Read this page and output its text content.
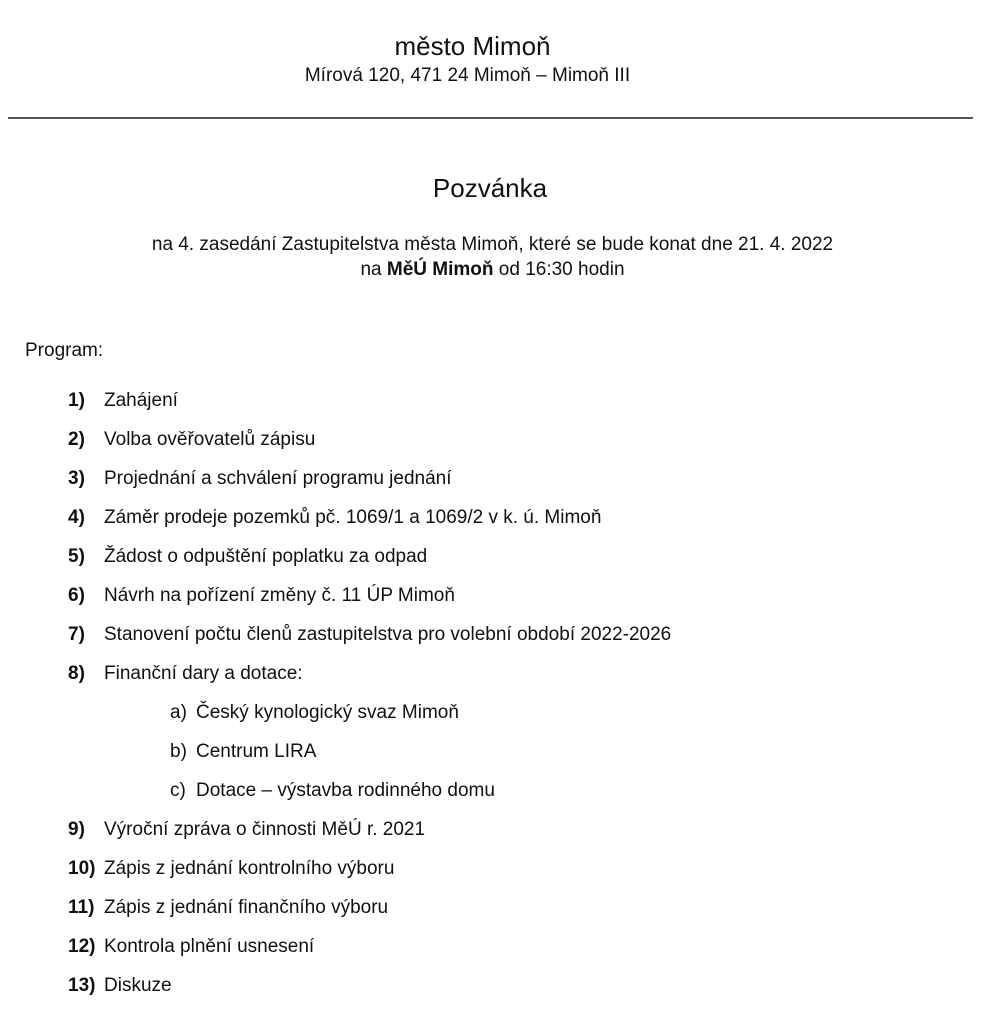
město Mimoň
Mírová 120, 471 24 Mimoň – Mimoň III
Pozvánka
na 4. zasedání Zastupitelstva města Mimoň, které se bude konat dne 21. 4. 2022
na MěÚ Mimoň od 16:30 hodin
Program:
1) Zahájení
2) Volba ověřovatelů zápisu
3) Projednání a schválení programu jednání
4) Záměr prodeje pozemků pč. 1069/1 a 1069/2 v k. ú. Mimoň
5) Žádost o odpuštění poplatku za odpad
6) Návrh na pořízení změny č. 11 ÚP Mimoň
7) Stanovení počtu členů zastupitelstva pro volební období 2022-2026
8) Finanční dary a dotace:
a) Český kynologický svaz Mimoň
b) Centrum LIRA
c) Dotace – výstavba rodinného domu
9) Výroční zpráva o činnosti MěÚ r. 2021
10) Zápis z jednání kontrolního výboru
11) Zápis z jednání finančního výboru
12) Kontrola plnění usnesení
13) Diskuze
